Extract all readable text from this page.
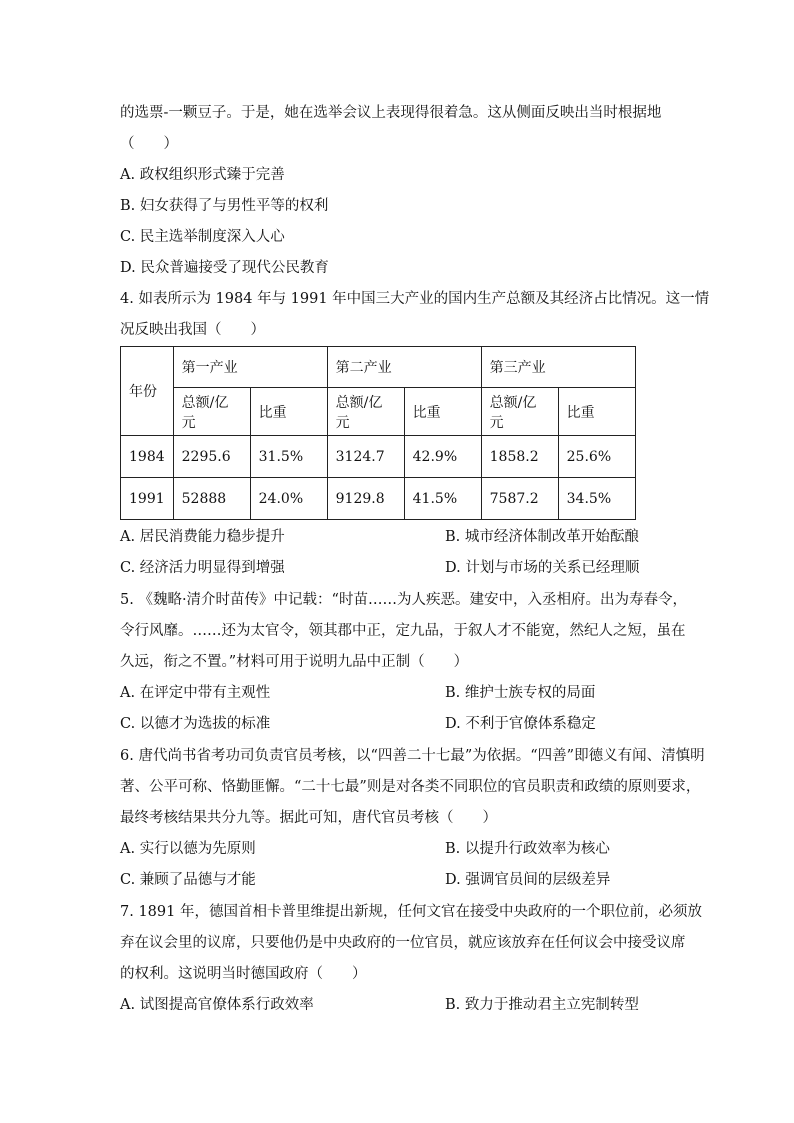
的选票-一颗豆子。于是，她在选举会议上表现得很着急。这从侧面反映出当时根据地
（　　）
A. 政权组织形式臻于完善
B. 妇女获得了与男性平等的权利
C. 民主选举制度深入人心
D. 民众普遍接受了现代公民教育
4. 如表所示为 1984 年与 1991 年中国三大产业的国内生产总额及其经济占比情况。这一情
况反映出我国（　　）
年份	第一产业		第二产业		第三产业	
	总额/亿元	比重	总额/亿元	比重	总额/亿元	比重
1984	2295.6	31.5%	3124.7	42.9%	1858.2	25.6%
1991	52888	24.0%	9129.8	41.5%	7587.2	34.5%
A. 居民消费能力稳步提升	B. 城市经济体制改革开始酝酿
C. 经济活力明显得到增强	D. 计划与市场的关系已经理顺
5. 《魏略·清介时苗传》中记载：“时苗……为人疾恶。建安中，入丞相府。出为寿春令，
令行风靡。……还为太官令，领其郡中正，定九品，于叙人才不能宽，然纪人之短，虽在
久远，衔之不置。”材料可用于说明九品中正制（　　）
A. 在评定中带有主观性	B. 维护士族专权的局面
C. 以德才为选拔的标准	D. 不利于官僚体系稳定
6. 唐代尚书省考功司负责官员考核，以“四善二十七最”为依据。“四善”即德义有闻、清慎明
著、公平可称、恪勤匪懈。“二十七最”则是对各类不同职位的官员职责和政绩的原则要求，
最终考核结果共分九等。据此可知，唐代官员考核（　　）
A. 实行以德为先原则	B. 以提升行政效率为核心
C. 兼顾了品德与才能	D. 强调官员间的层级差异
7. 1891 年，德国首相卡普里维提出新规，任何文官在接受中央政府的一个职位前，必须放
弃在议会里的议席，只要他仍是中央政府的一位官员，就应该放弃在任何议会中接受议席
的权利。这说明当时德国政府（　　）
A. 试图提高官僚体系行政效率	B. 致力于推动君主立宪制转型
